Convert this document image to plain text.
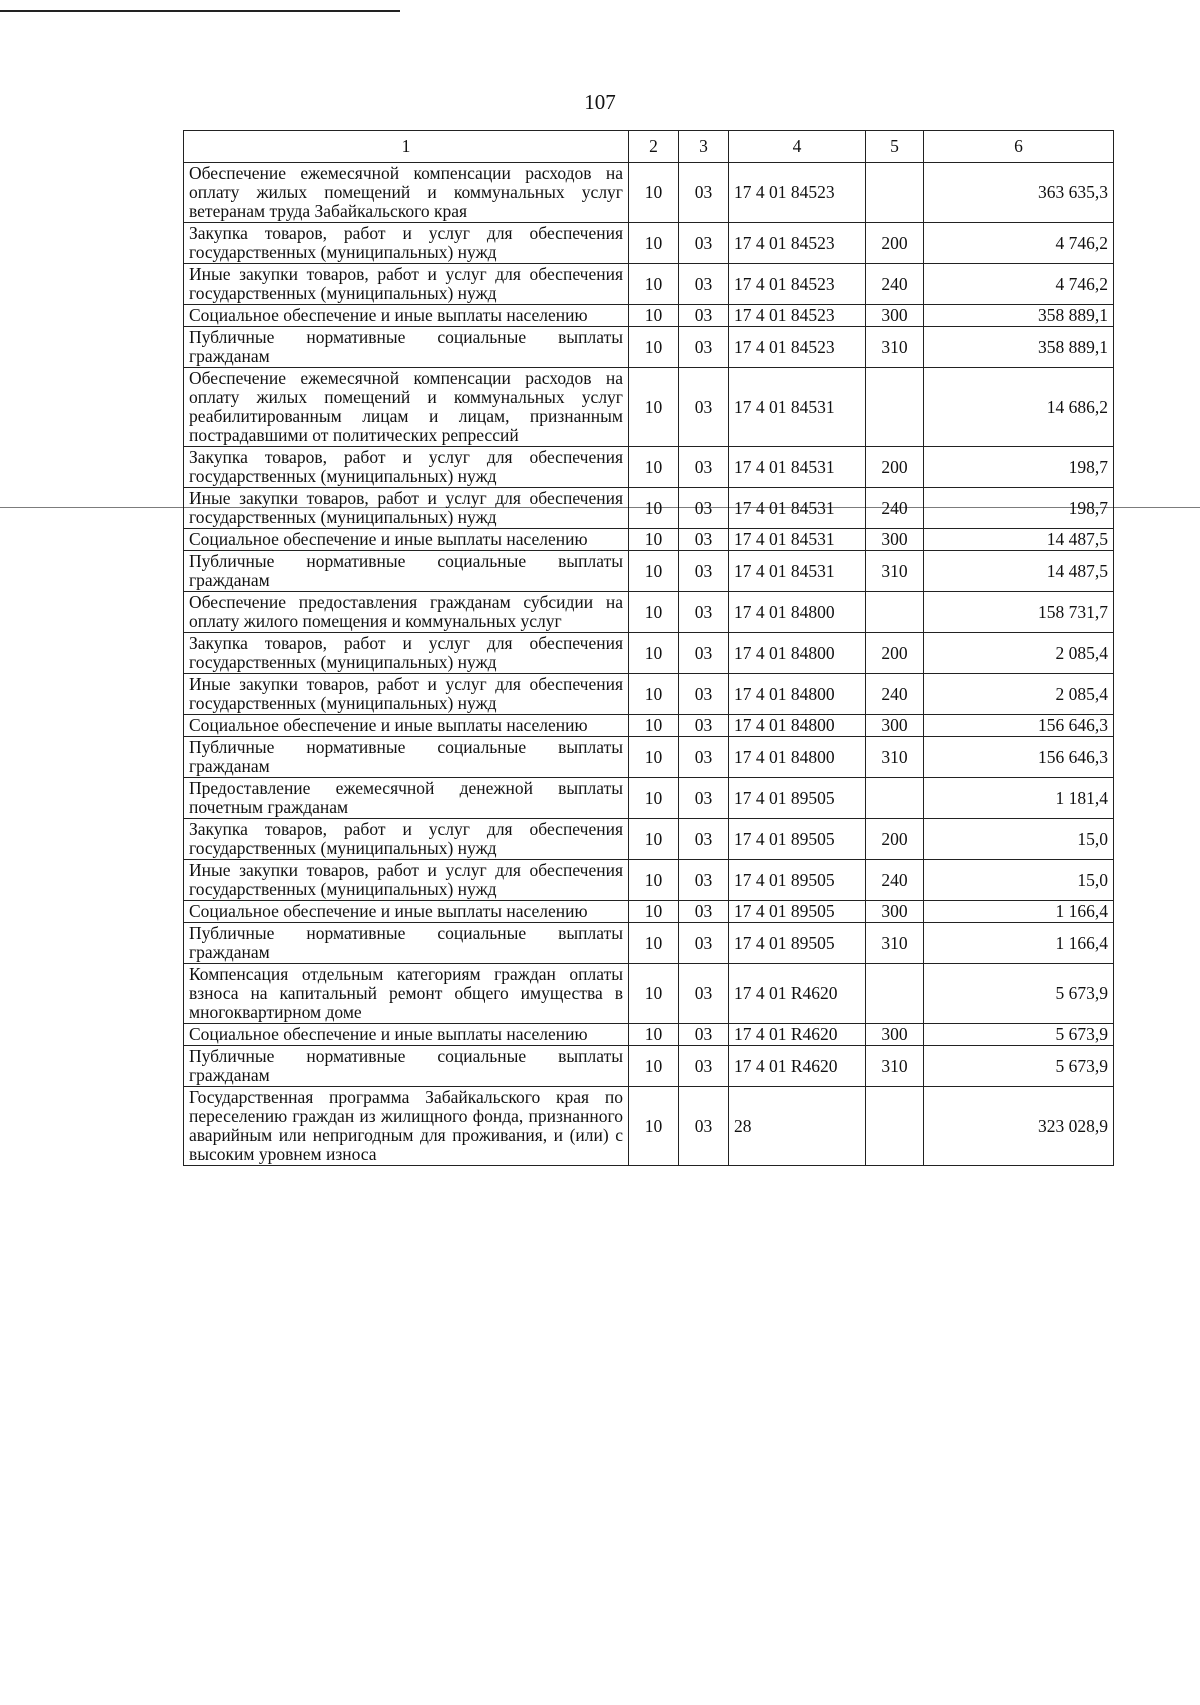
107
1	2	3	4	5	6
Обеспечение ежемесячной компенсации расходов на оплату жилых помещений и коммунальных услуг ветеранам труда Забайкальского края	10	03	17 4 01 84523		363 635,3
Закупка товаров, работ и услуг для обеспечения государственных (муниципальных) нужд	10	03	17 4 01 84523	200	4 746,2
Иные закупки товаров, работ и услуг для обеспечения государственных (муниципальных) нужд	10	03	17 4 01 84523	240	4 746,2
Социальное обеспечение и иные выплаты населению	10	03	17 4 01 84523	300	358 889,1
Публичные нормативные социальные выплаты гражданам	10	03	17 4 01 84523	310	358 889,1
Обеспечение ежемесячной компенсации расходов на оплату жилых помещений и коммунальных услуг реабилитированным лицам и лицам, признанным пострадавшими от политических репрессий	10	03	17 4 01 84531		14 686,2
Закупка товаров, работ и услуг для обеспечения государственных (муниципальных) нужд	10	03	17 4 01 84531	200	198,7
Иные закупки товаров, работ и услуг для обеспечения государственных (муниципальных) нужд	10	03	17 4 01 84531	240	198,7
Социальное обеспечение и иные выплаты населению	10	03	17 4 01 84531	300	14 487,5
Публичные нормативные социальные выплаты гражданам	10	03	17 4 01 84531	310	14 487,5
Обеспечение предоставления гражданам субсидии на оплату жилого помещения и коммунальных услуг	10	03	17 4 01 84800		158 731,7
Закупка товаров, работ и услуг для обеспечения государственных (муниципальных) нужд	10	03	17 4 01 84800	200	2 085,4
Иные закупки товаров, работ и услуг для обеспечения государственных (муниципальных) нужд	10	03	17 4 01 84800	240	2 085,4
Социальное обеспечение и иные выплаты населению	10	03	17 4 01 84800	300	156 646,3
Публичные нормативные социальные выплаты гражданам	10	03	17 4 01 84800	310	156 646,3
Предоставление ежемесячной денежной выплаты почетным гражданам	10	03	17 4 01 89505		1 181,4
Закупка товаров, работ и услуг для обеспечения государственных (муниципальных) нужд	10	03	17 4 01 89505	200	15,0
Иные закупки товаров, работ и услуг для обеспечения государственных (муниципальных) нужд	10	03	17 4 01 89505	240	15,0
Социальное обеспечение и иные выплаты населению	10	03	17 4 01 89505	300	1 166,4
Публичные нормативные социальные выплаты гражданам	10	03	17 4 01 89505	310	1 166,4
Компенсация отдельным категориям граждан оплаты взноса на капитальный ремонт общего имущества в многоквартирном доме	10	03	17 4 01 R4620		5 673,9
Социальное обеспечение и иные выплаты населению	10	03	17 4 01 R4620	300	5 673,9
Публичные нормативные социальные выплаты гражданам	10	03	17 4 01 R4620	310	5 673,9
Государственная программа Забайкальского края по переселению граждан из жилищного фонда, признанного аварийным или непригодным для проживания, и (или) с высоким уровнем износа	10	03	28		323 028,9
